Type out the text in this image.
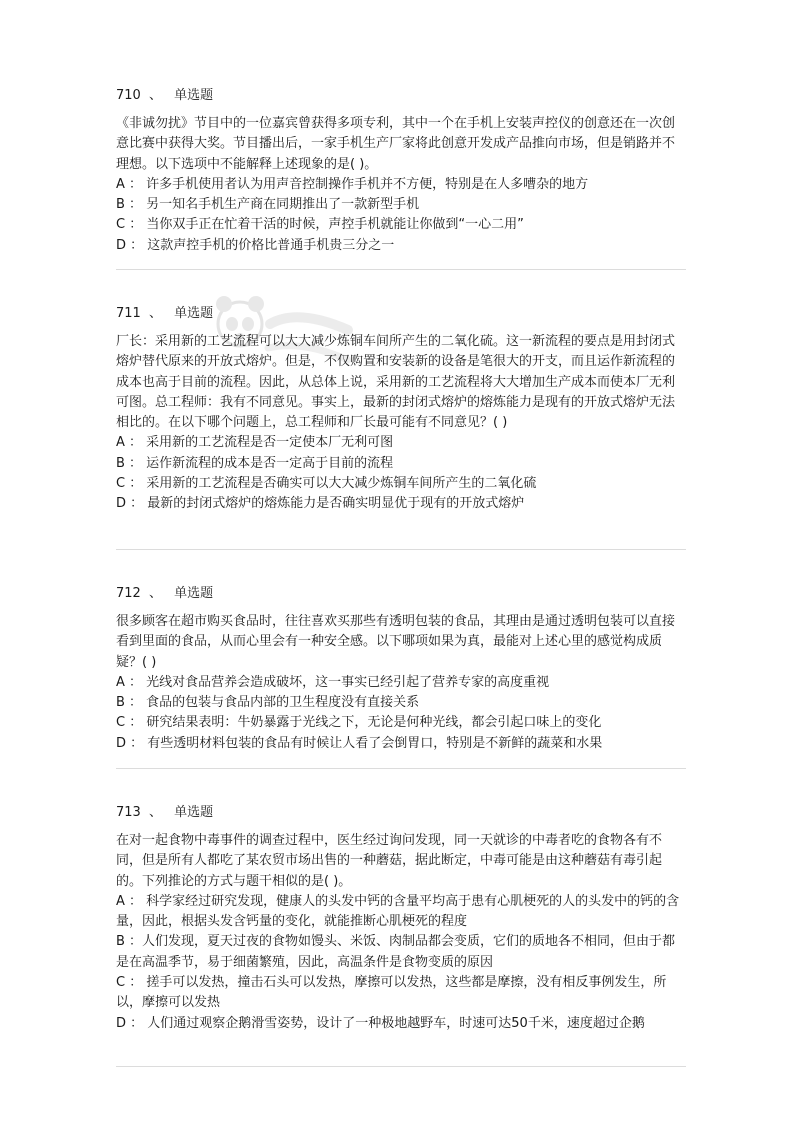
710 、 单选题

《非诚勿扰》节目中的一位嘉宾曾获得多项专利，其中一个在手机上安装声控仪的创意还在一次创意比赛中获得大奖。节目播出后，一家手机生产厂家将此创意开发成产品推向市场，但是销路并不理想。以下选项中不能解释上述现象的是( )。

A ： 许多手机使用者认为用声音控制操作手机并不方便，特别是在人多嘈杂的地方

B ： 另一知名手机生产商在同期推出了一款新型手机

C ： 当你双手正在忙着干活的时候，声控手机就能让你做到“一心二用”

D ： 这款声控手机的价格比普通手机贵三分之一

711 、 单选题

厂长：采用新的工艺流程可以大大减少炼铜车间所产生的二氧化硫。这一新流程的要点是用封闭式熔炉替代原来的开放式熔炉。但是，不仅购置和安装新的设备是笔很大的开支，而且运作新流程的成本也高于目前的流程。因此，从总体上说，采用新的工艺流程将大大增加生产成本而使本厂无利可图。总工程师：我有不同意见。事实上，最新的封闭式熔炉的熔炼能力是现有的开放式熔炉无法相比的。在以下哪个问题上，总工程师和厂长最可能有不同意见？( )

A ： 采用新的工艺流程是否一定使本厂无利可图

B ： 运作新流程的成本是否一定高于目前的流程

C ： 采用新的工艺流程是否确实可以大大减少炼铜车间所产生的二氧化硫

D ： 最新的封闭式熔炉的熔炼能力是否确实明显优于现有的开放式熔炉

712 、 单选题

很多顾客在超市购买食品时，往往喜欢买那些有透明包装的食品，其理由是通过透明包装可以直接看到里面的食品，从而心里会有一种安全感。以下哪项如果为真，最能对上述心里的感觉构成质疑？( )

A ： 光线对食品营养会造成破坏，这一事实已经引起了营养专家的高度重视

B ： 食品的包装与食品内部的卫生程度没有直接关系

C ： 研究结果表明：牛奶暴露于光线之下，无论是何种光线，都会引起口味上的变化

D ： 有些透明材料包装的食品有时候让人看了会倒胃口，特别是不新鲜的蔬菜和水果

713 、 单选题

在对一起食物中毒事件的调查过程中，医生经过询问发现，同一天就诊的中毒者吃的食物各有不同，但是所有人都吃了某农贸市场出售的一种蘑菇，据此断定，中毒可能是由这种蘑菇有毒引起的。下列推论的方式与题干相似的是( )。

A ： 科学家经过研究发现，健康人的头发中钙的含量平均高于患有心肌梗死的人的头发中的钙的含量，因此，根据头发含钙量的变化，就能推断心肌梗死的程度

B ：人们发现，夏天过夜的食物如馒头、米饭、肉制品都会变质，它们的质地各不相同，但由于都是在高温季节，易于细菌繁殖，因此，高温条件是食物变质的原因

C ： 搓手可以发热，撞击石头可以发热，摩擦可以发热，这些都是摩擦，没有相反事例发生，所以，摩擦可以发热

D ： 人们通过观察企鹅滑雪姿势，设计了一种极地越野车，时速可达50千米，速度超过企鹅
